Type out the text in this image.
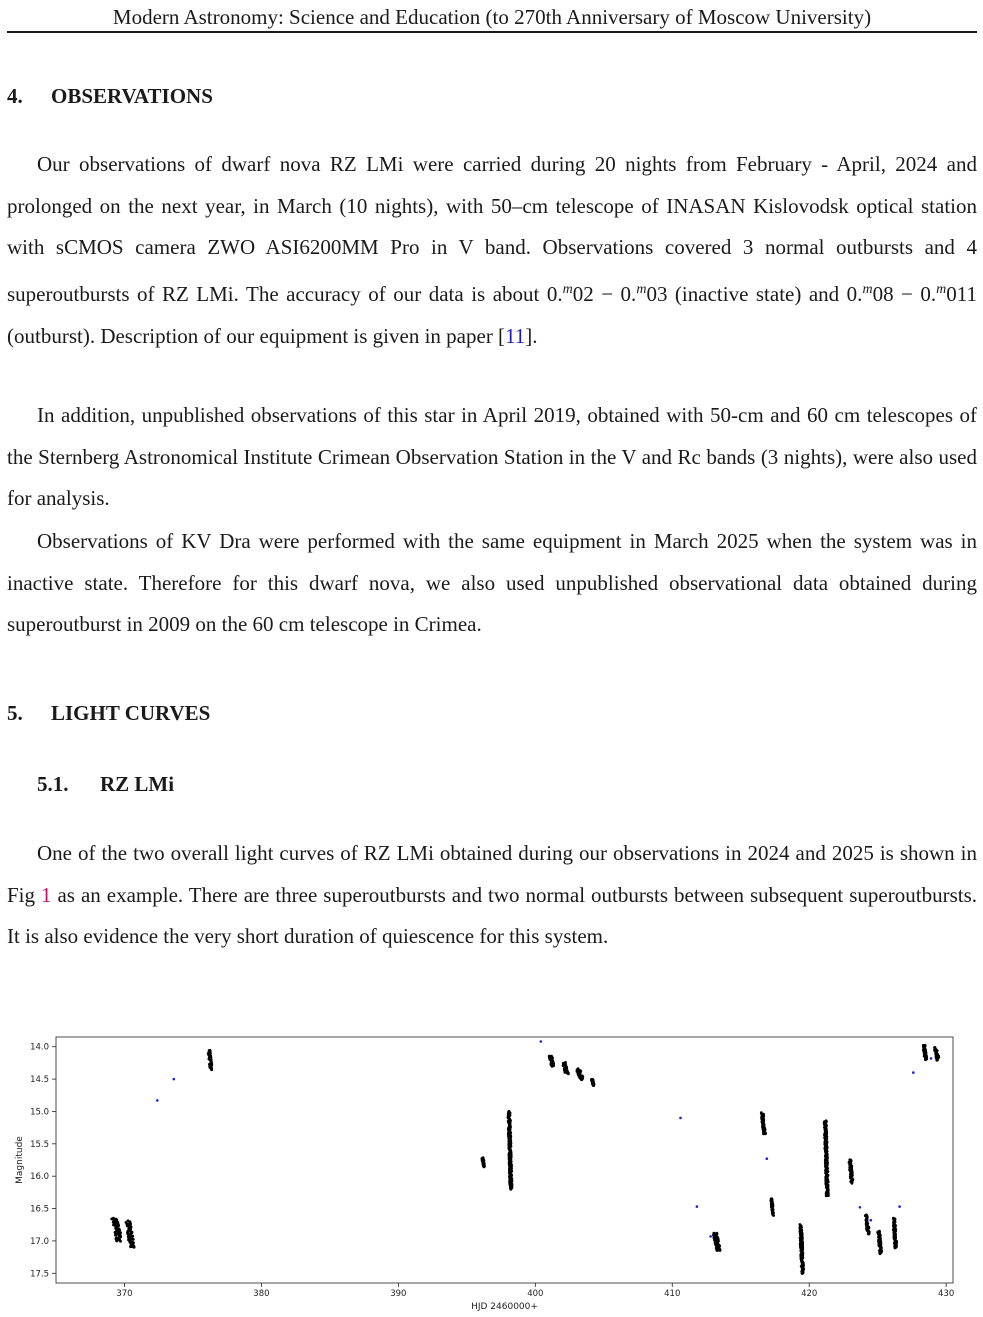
Modern Astronomy: Science and Education (to 270th Anniversary of Moscow University)
4. OBSERVATIONS

Our observations of dwarf nova RZ LMi were carried during 20 nights from February - April, 2024 and prolonged on the next year, in March (10 nights), with 50–cm telescope of INASAN Kislovodsk optical station with sCMOS camera ZWO ASI6200MM Pro in V band. Observations covered 3 normal outbursts and 4 superoutbursts of RZ LMi. The accuracy of our data is about 0.$^m$02 − 0.$^m$03 (inactive state) and 0.$^m$08 − 0.$^m$011 (outburst). Description of our equipment is given in paper [11].

In addition, unpublished observations of this star in April 2019, obtained with 50-cm and 60 cm telescopes of the Sternberg Astronomical Institute Crimean Observation Station in the V and Rc bands (3 nights), were also used for analysis.

Observations of KV Dra were performed with the same equipment in March 2025 when the system was in inactive state. Therefore for this dwarf nova, we also used unpublished observational data obtained during superoutburst in 2009 on the 60 cm telescope in Crimea.

5. LIGHT CURVES
5.1. RZ LMi

One of the two overall light curves of RZ LMi obtained during our observations in 2024 and 2025 is shown in Fig 1 as an example. There are three superoutbursts and two normal outbursts between subsequent superoutbursts. It is also evidence the very short duration of quiescence for this system.

370	380	390	400	410	420	430
14.0
14.5
15.0
15.5
16.0
16.5
17.0
17.5
HJD 2460000+
Magnitude
